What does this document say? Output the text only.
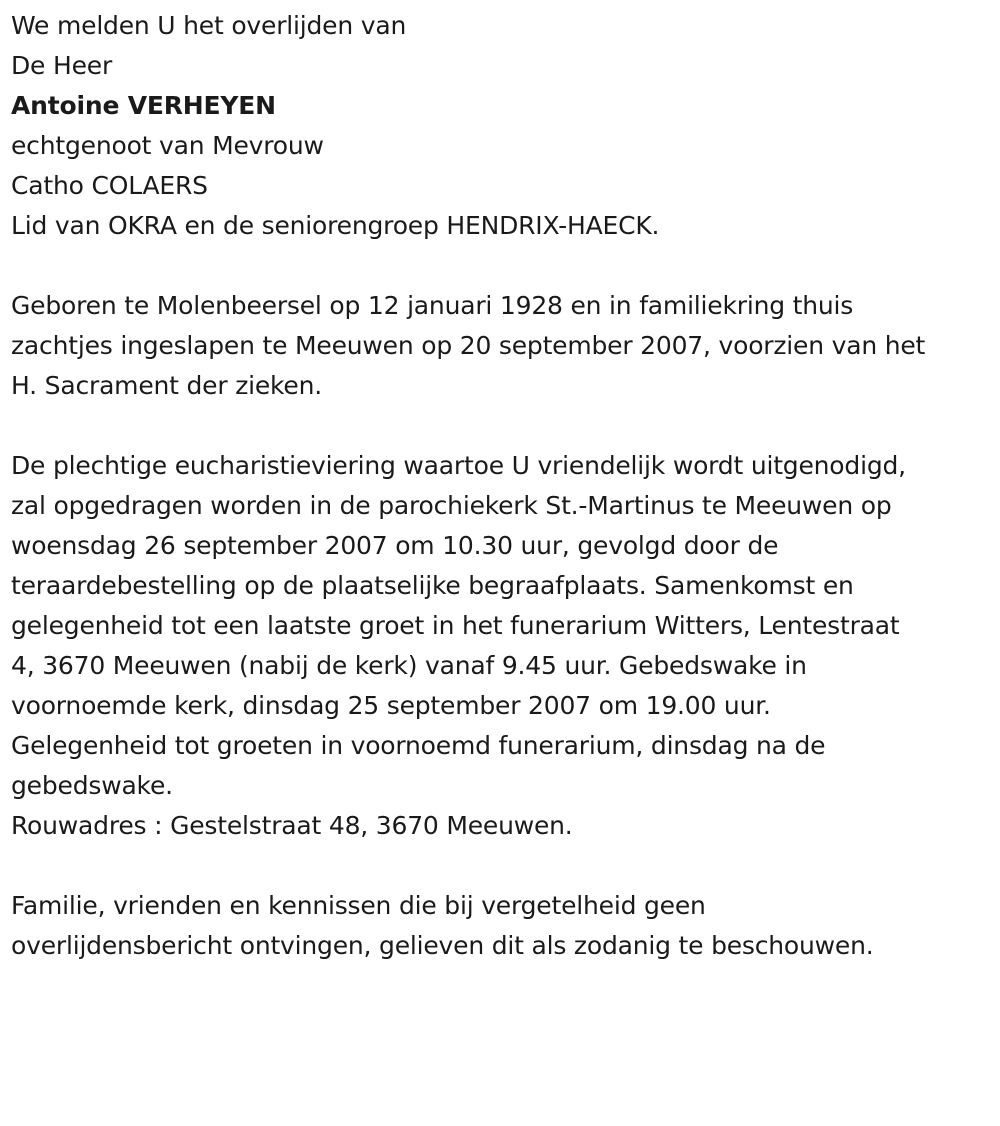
We melden U het overlijden van

De Heer

Antoine VERHEYEN

echtgenoot van Mevrouw

Catho COLAERS

Lid van OKRA en de seniorengroep HENDRIX-HAECK.

Geboren te Molenbeersel op 12 januari 1928 en in familiekring thuis
zachtjes ingeslapen te Meeuwen op 20 september 2007, voorzien van het
H. Sacrament der zieken.
De plechtige eucharistieviering waartoe U vriendelijk wordt uitgenodigd,
zal opgedragen worden in de parochiekerk St.-Martinus te Meeuwen op
woensdag 26 september 2007 om 10.30 uur, gevolgd door de
teraardebestelling op de plaatselijke begraafplaats. Samenkomst en
gelegenheid tot een laatste groet in het funerarium Witters, Lentestraat
4, 3670 Meeuwen (nabij de kerk) vanaf 9.45 uur. Gebedswake in
voornoemde kerk, dinsdag 25 september 2007 om 19.00 uur.
Gelegenheid tot groeten in voornoemd funerarium, dinsdag na de
gebedswake.

Rouwadres : Gestelstraat 48, 3670 Meeuwen.

Familie, vrienden en kennissen die bij vergetelheid geen
overlijdensbericht ontvingen, gelieven dit als zodanig te beschouwen.
